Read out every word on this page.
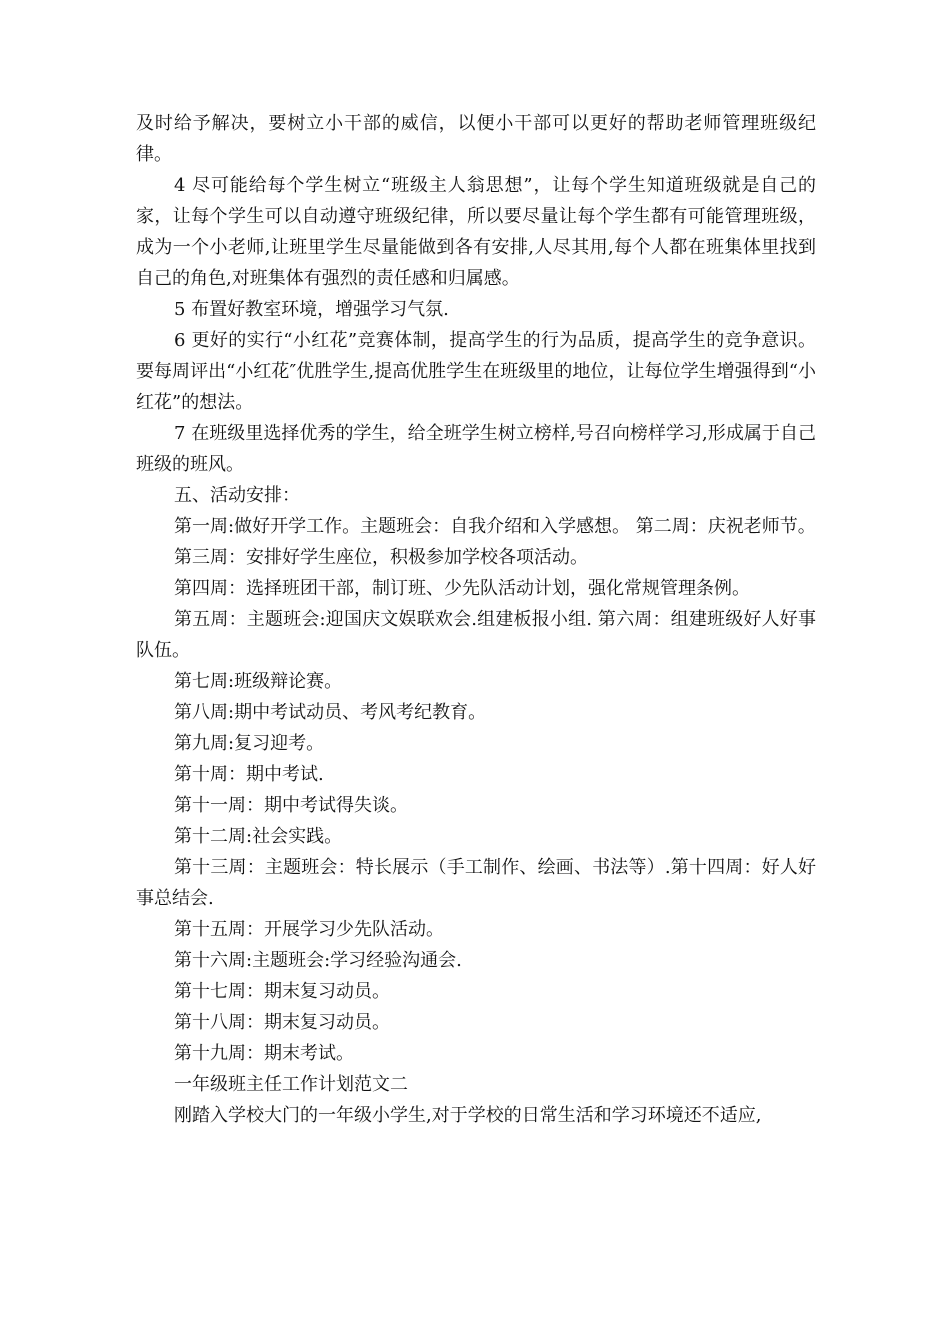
及时给予解决，要树立小干部的威信，以便小干部可以更好的帮助老师管理班级纪律。

4 尽可能给每个学生树立“班级主人翁思想”，让每个学生知道班级就是自己的家，让每个学生可以自动遵守班级纪律，所以要尽量让每个学生都有可能管理班级，成为一个小老师,让班里学生尽量能做到各有安排,人尽其用,每个人都在班集体里找到自己的角色,对班集体有强烈的责任感和归属感。

5 布置好教室环境，增强学习气氛.

6 更好的实行“小红花”竞赛体制，提高学生的行为品质，提高学生的竞争意识。要每周评出“小红花″优胜学生,提高优胜学生在班级里的地位，让每位学生增强得到“小红花”的想法。

7 在班级里选择优秀的学生，给全班学生树立榜样,号召向榜样学习,形成属于自己班级的班风。

五、活动安排：

第一周:做好开学工作。主题班会：自我介绍和入学感想。 第二周：庆祝老师节。

第三周：安排好学生座位，积极参加学校各项活动。

第四周：选择班团干部，制订班、少先队活动计划，强化常规管理条例。

第五周：主题班会:迎国庆文娱联欢会.组建板报小组. 第六周：组建班级好人好事队伍。

第七周:班级辩论赛。

第八周:期中考试动员、考风考纪教育。

第九周:复习迎考。

第十周：期中考试.

第十一周：期中考试得失谈。

第十二周:社会实践。

第十三周：主题班会：特长展示（手工制作、绘画、书法等）.第十四周：好人好事总结会.

第十五周：开展学习少先队活动。

第十六周:主题班会:学习经验沟通会.

第十七周：期末复习动员。

第十八周：期末复习动员。

第十九周：期末考试。

一年级班主任工作计划范文二

刚踏入学校大门的一年级小学生,对于学校的日常生活和学习环境还不适应,
